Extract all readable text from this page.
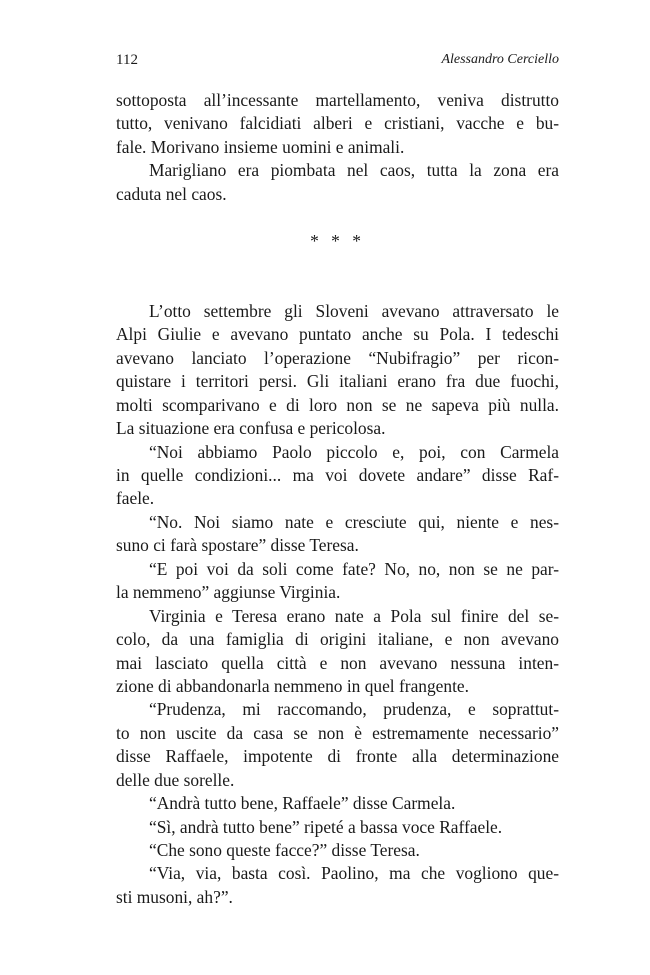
112	Alessandro Cerciello
sottoposta all’incessante martellamento, veniva distrutto
tutto, venivano falcidiati alberi e cristiani, vacche e bu-
fale. Morivano insieme uomini e animali.
Marigliano era piombata nel caos, tutta la zona era
caduta nel caos.
* * *
L’otto settembre gli Sloveni avevano attraversato le
Alpi Giulie e avevano puntato anche su Pola. I tedeschi
avevano lanciato l’operazione “Nubifragio” per ricon-
quistare i territori persi. Gli italiani erano fra due fuochi,
molti scomparivano e di loro non se ne sapeva più nulla.
La situazione era confusa e pericolosa.
“Noi abbiamo Paolo piccolo e, poi, con Carmela
in quelle condizioni... ma voi dovete andare” disse Raf-
faele.
“No. Noi siamo nate e cresciute qui, niente e nes-
suno ci farà spostare” disse Teresa.
“E poi voi da soli come fate? No, no, non se ne par-
la nemmeno” aggiunse Virginia.
Virginia e Teresa erano nate a Pola sul finire del se-
colo, da una famiglia di origini italiane, e non avevano
mai lasciato quella città e non avevano nessuna inten-
zione di abbandonarla nemmeno in quel frangente.
“Prudenza, mi raccomando, prudenza, e soprattut-
to non uscite da casa se non è estremamente necessario”
disse Raffaele, impotente di fronte alla determinazione
delle due sorelle.
“Andrà tutto bene, Raffaele” disse Carmela.
“Sì, andrà tutto bene” ripeté a bassa voce Raffaele.
“Che sono queste facce?” disse Teresa.
“Via, via, basta così. Paolino, ma che vogliono que-
sti musoni, ah?”.
